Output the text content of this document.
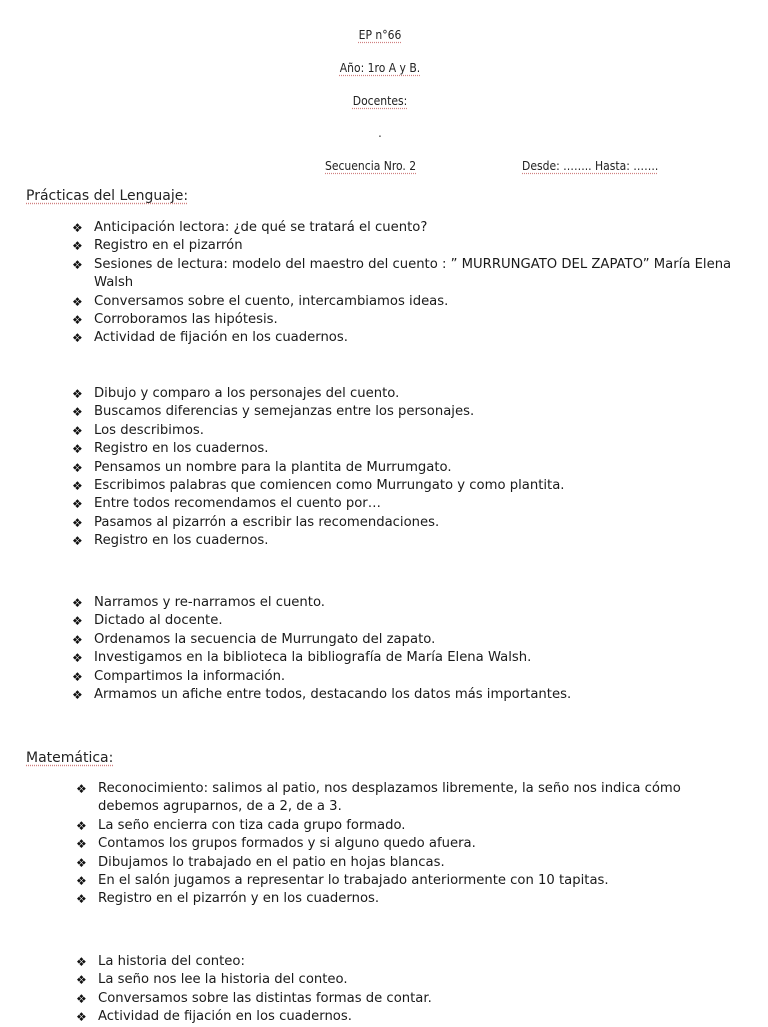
EP n°66
Año: 1ro A y B.
Docentes:
.
Secuencia Nro. 2	Desde: …….. Hasta: …….
Prácticas del Lenguaje:
❖ Anticipación lectora: ¿de qué se tratará el cuento?
❖ Registro en el pizarrón
❖ Sesiones de lectura: modelo del maestro del cuento : ” MURRUNGATO DEL ZAPATO” María Elena Walsh
❖ Conversamos sobre el cuento, intercambiamos ideas.
❖ Corroboramos las hipótesis.
❖ Actividad de fijación en los cuadernos.
❖ Dibujo y comparo a los personajes del cuento.
❖ Buscamos diferencias y semejanzas entre los personajes.
❖ Los describimos.
❖ Registro en los cuadernos.
❖ Pensamos un nombre para la plantita de Murrumgato.
❖ Escribimos palabras que comiencen como Murrungato y como plantita.
❖ Entre todos recomendamos el cuento por…
❖ Pasamos al pizarrón a escribir las recomendaciones.
❖ Registro en los cuadernos.
❖ Narramos y re-narramos el cuento.
❖ Dictado al docente.
❖ Ordenamos la secuencia de Murrungato del zapato.
❖ Investigamos en la biblioteca la bibliografía de María Elena Walsh.
❖ Compartimos la información.
❖ Armamos un afiche entre todos, destacando los datos más importantes.
Matemática:
❖ Reconocimiento: salimos al patio, nos desplazamos libremente, la seño nos indica cómo debemos agruparnos, de a 2, de a 3.
❖ La seño encierra con tiza cada grupo formado.
❖ Contamos los grupos formados y si alguno quedo afuera.
❖ Dibujamos lo trabajado en el patio en hojas blancas.
❖ En el salón jugamos a representar lo trabajado anteriormente con 10 tapitas.
❖ Registro en el pizarrón y en los cuadernos.
❖ La historia del conteo:
❖ La seño nos lee la historia del conteo.
❖ Conversamos sobre las distintas formas de contar.
❖ Actividad de fijación en los cuadernos.
